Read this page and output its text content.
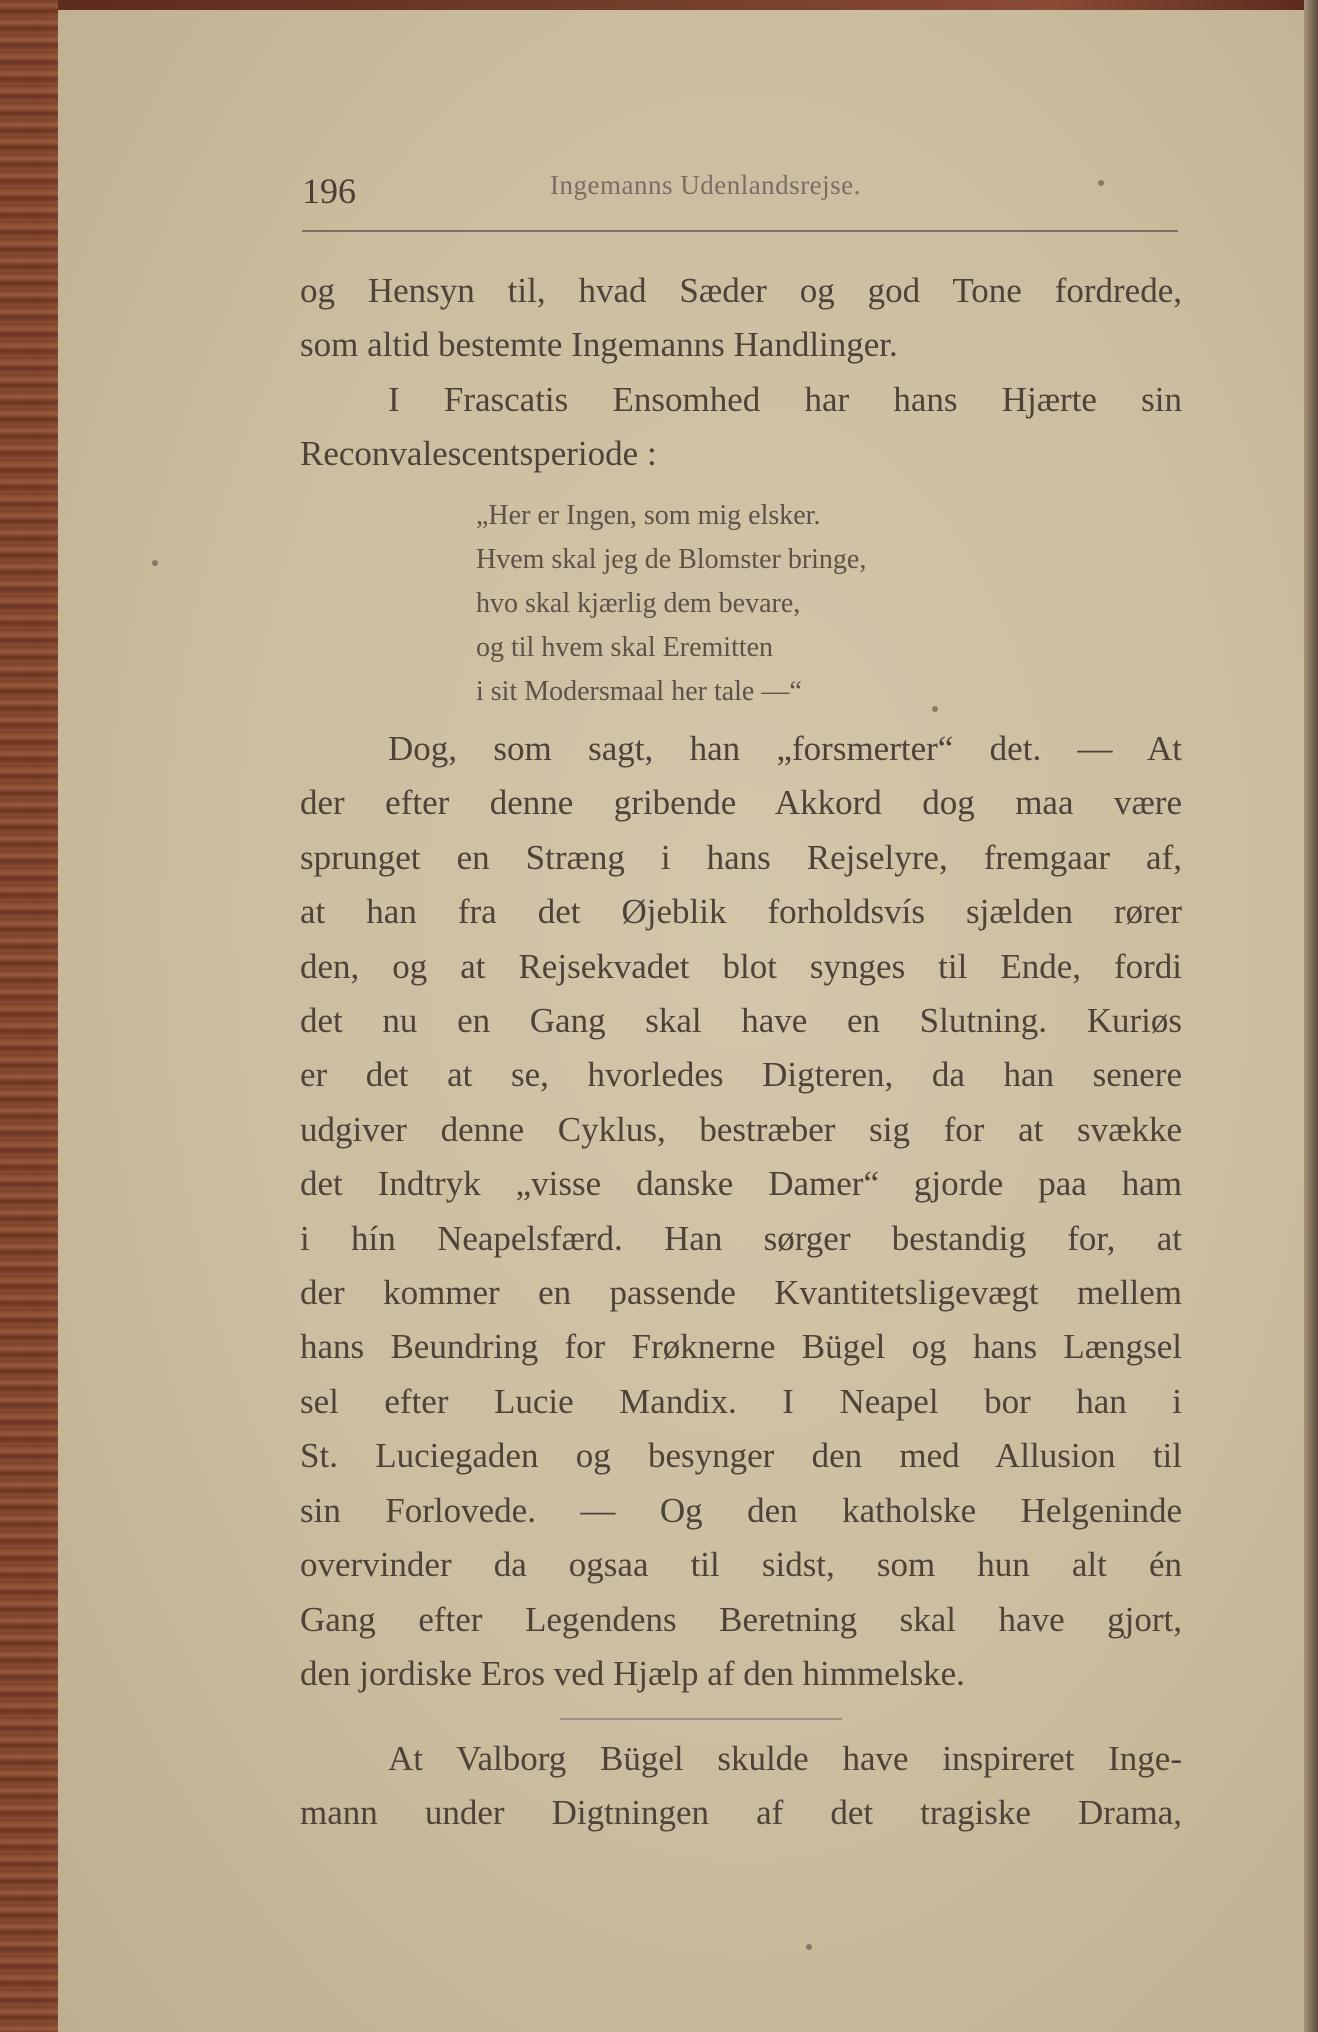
196	Ingemanns Udenlandsrejse.
og Hensyn til, hvad Sæder og god Tone fordrede,
som altid bestemte Ingemanns Handlinger.
I Frascatis Ensomhed har hans Hjærte sin
Reconvalescentsperiode :
„Her er Ingen, som mig elsker.
Hvem skal jeg de Blomster bringe,
hvo skal kjærlig dem bevare,
og til hvem skal Eremitten
i sit Modersmaal her tale —“
Dog, som sagt, han „forsmerter“ det. — At
der efter denne gribende Akkord dog maa være
sprunget en Stræng i hans Rejselyre, fremgaar af,
at han fra det Øjeblik forholdsvís sjælden rører
den, og at Rejsekvadet blot synges til Ende, fordi
det nu en Gang skal have en Slutning. Kuriøs
er det at se, hvorledes Digteren, da han senere
udgiver denne Cyklus, bestræber sig for at svække
det Indtryk „visse danske Damer“ gjorde paa ham
i hín Neapelsfærd. Han sørger bestandig for, at
der kommer en passende Kvantitetsligevægt mellem
hans Beundring for Frøknerne Bügel og hans Længsel
sel efter Lucie Mandix. I Neapel bor han i
St. Luciegaden og besynger den med Allusion til
sin Forlovede. — Og den katholske Helgeninde
overvinder da ogsaa til sidst, som hun alt én
Gang efter Legendens Beretning skal have gjort,
den jordiske Eros ved Hjælp af den himmelske.
At Valborg Bügel skulde have inspireret Inge-
mann under Digtningen af det tragiske Drama,
